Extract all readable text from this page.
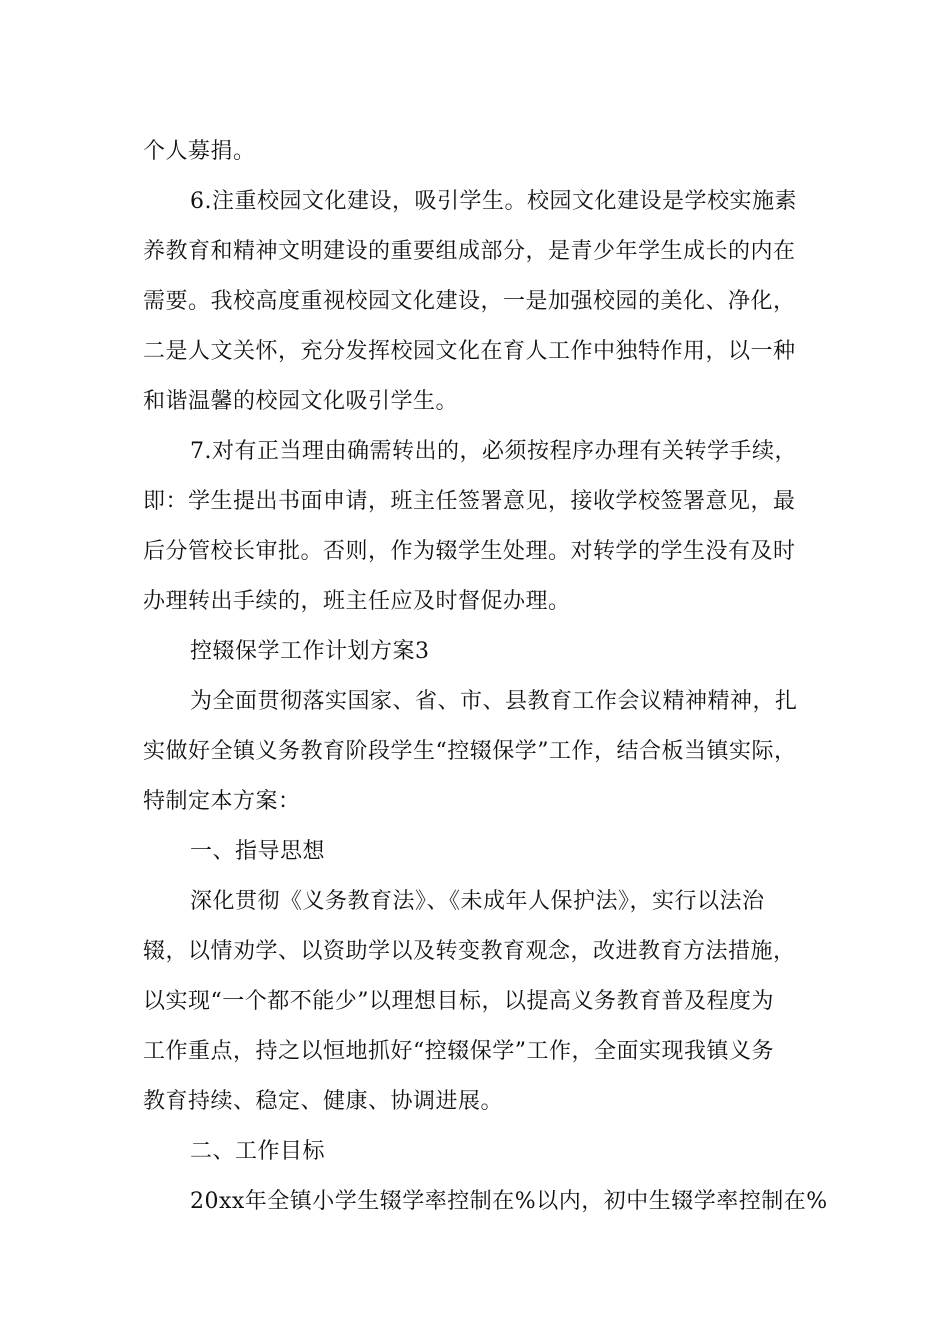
个人募捐。
6.注重校园文化建设，吸引学生。校园文化建设是学校实施素
养教育和精神文明建设的重要组成部分，是青少年学生成长的内在
需要。我校高度重视校园文化建设，一是加强校园的美化、净化，
二是人文关怀，充分发挥校园文化在育人工作中独特作用，以一种
和谐温馨的校园文化吸引学生。
7.对有正当理由确需转出的，必须按程序办理有关转学手续，
即：学生提出书面申请，班主任签署意见，接收学校签署意见，最
后分管校长审批。否则，作为辍学生处理。对转学的学生没有及时
办理转出手续的，班主任应及时督促办理。
控辍保学工作计划方案3
为全面贯彻落实国家、省、市、县教育工作会议精神精神，扎
实做好全镇义务教育阶段学生“控辍保学”工作，结合板当镇实际，
特制定本方案：
一、指导思想
深化贯彻《义务教育法》、《未成年人保护法》，实行以法治
辍，以情劝学、以资助学以及转变教育观念，改进教育方法措施，
以实现“一个都不能少”以理想目标，以提高义务教育普及程度为
工作重点，持之以恒地抓好“控辍保学”工作，全面实现我镇义务
教育持续、稳定、健康、协调进展。
二、工作目标
20xx年全镇小学生辍学率控制在%以内，初中生辍学率控制在%
